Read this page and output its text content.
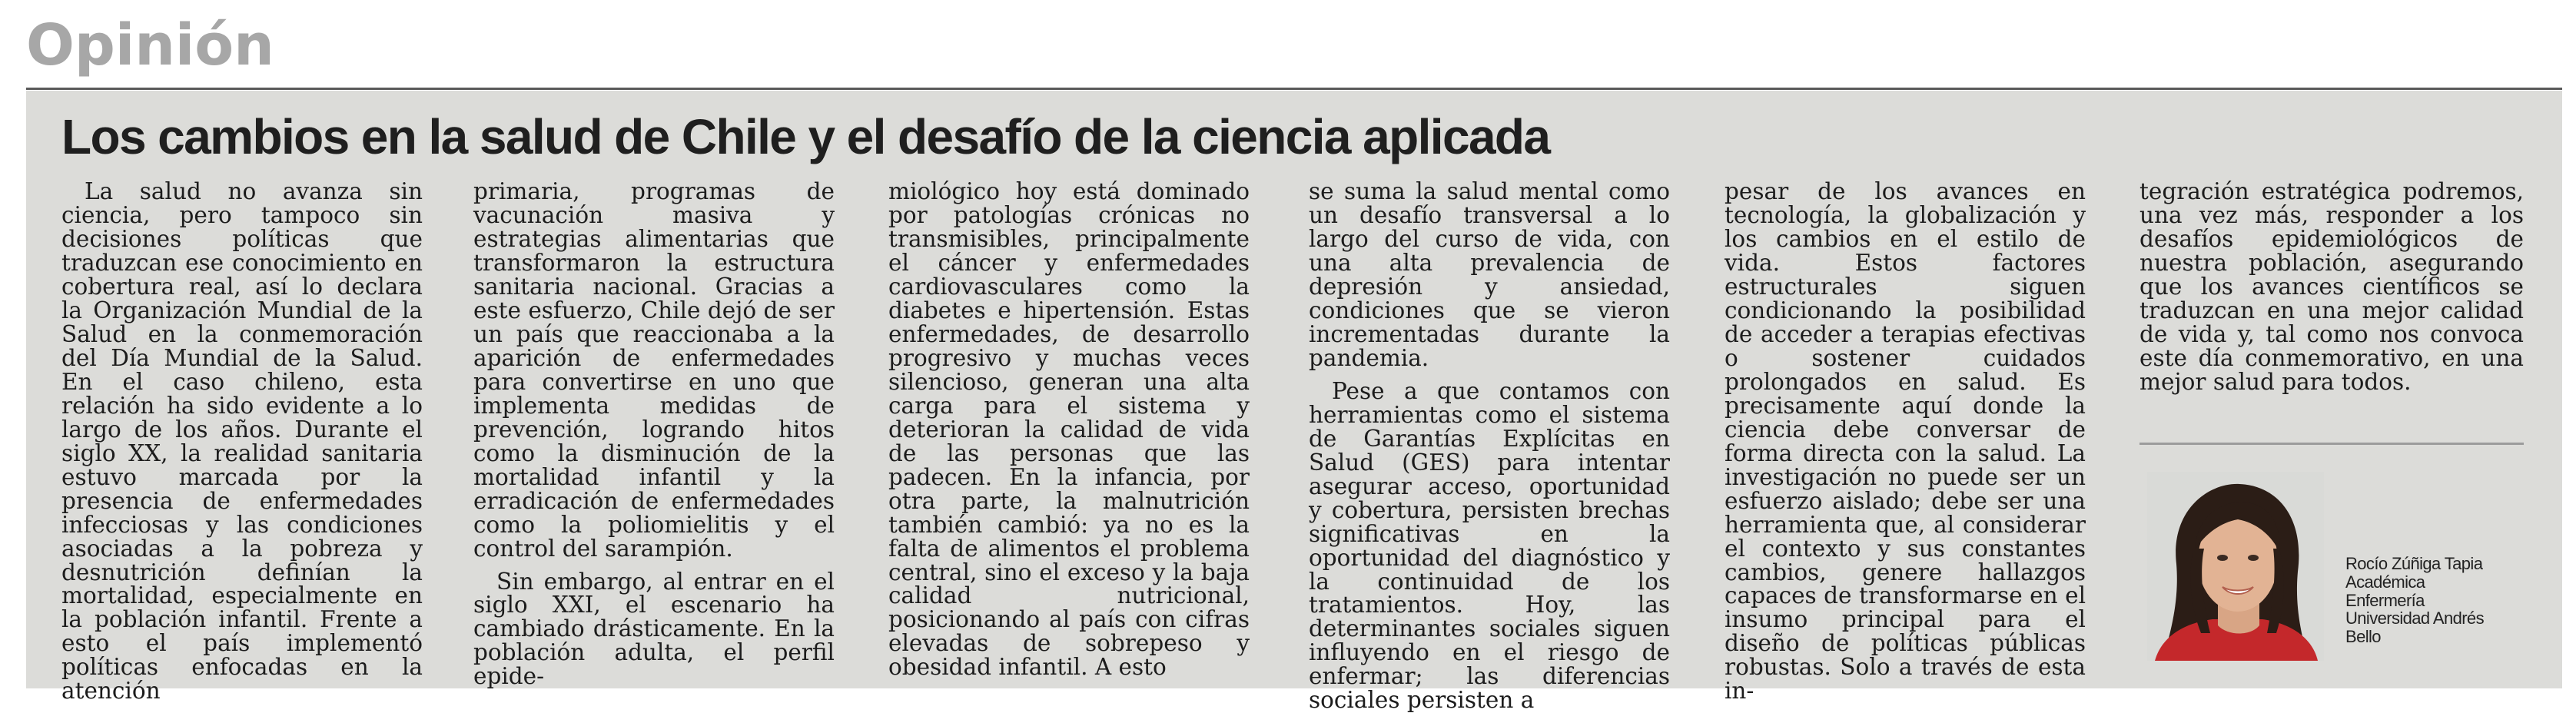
Opinión
Los cambios en la salud de Chile y el desafío de la ciencia aplicada

La salud no avanza sin ciencia, pero tampoco sin decisiones políticas que traduzcan ese conocimiento en cobertura real, así lo declara la Organización Mundial de la Salud en la conmemoración del Día Mundial de la Salud. En el caso chileno, esta relación ha sido evidente a lo largo de los años. Durante el siglo XX, la realidad sanitaria estuvo marcada por la presencia de enfermedades infecciosas y las condiciones asociadas a la pobreza y desnutrición definían la mortalidad, especialmente en la población infantil. Frente a esto el país implementó políticas enfocadas en la atención

primaria, programas de vacunación masiva y estrategias alimentarias que transformaron la estructura sanitaria nacional. Gracias a este esfuerzo, Chile dejó de ser un país que reaccionaba a la aparición de enfermedades para convertirse en uno que implementa medidas de prevención, logrando hitos como la disminución de la mortalidad infantil y la erradicación de enfermedades como la poliomielitis y el control del sarampión.

Sin embargo, al entrar en el siglo XXI, el escenario ha cambiado drásticamente. En la población adulta, el perfil epide-

miológico hoy está dominado por patologías crónicas no transmisibles, principalmente el cáncer y enfermedades cardiovasculares como la diabetes e hipertensión. Estas enfermedades, de desarrollo progresivo y muchas veces silencioso, generan una alta carga para el sistema y deterioran la calidad de vida de las personas que las padecen. En la infancia, por otra parte, la malnutrición también cambió: ya no es la falta de alimentos el problema central, sino el exceso y la baja calidad nutricional, posicionando al país con cifras elevadas de sobrepeso y obesidad infantil. A esto

se suma la salud mental como un desafío transversal a lo largo del curso de vida, con una alta prevalencia de depresión y ansiedad, condiciones que se vieron incrementadas durante la pandemia.

Pese a que contamos con herramientas como el sistema de Garantías Explícitas en Salud (GES) para intentar asegurar acceso, oportunidad y cobertura, persisten brechas significativas en la oportunidad del diagnóstico y la continuidad de los tratamientos. Hoy, las determinantes sociales siguen influyendo en el riesgo de enfermar; las diferencias sociales persisten a

pesar de los avances en tecnología, la globalización y los cambios en el estilo de vida. Estos factores estructurales siguen condicionando la posibilidad de acceder a terapias efectivas o sostener cuidados prolongados en salud. Es precisamente aquí donde la ciencia debe conversar de forma directa con la salud. La investigación no puede ser un esfuerzo aislado; debe ser una herramienta que, al considerar el contexto y sus constantes cambios, genere hallazgos capaces de transformarse en el insumo principal para el diseño de políticas públicas robustas. Solo a través de esta in-

tegración estratégica podremos, una vez más, responder a los desafíos epidemiológicos de nuestra población, asegurando que los avances científicos se traduzcan en una mejor calidad de vida y, tal como nos convoca este día conmemorativo, en una mejor salud para todos.

Rocío Zúñiga Tapia
Académica
Enfermería
Universidad Andrés Bello
